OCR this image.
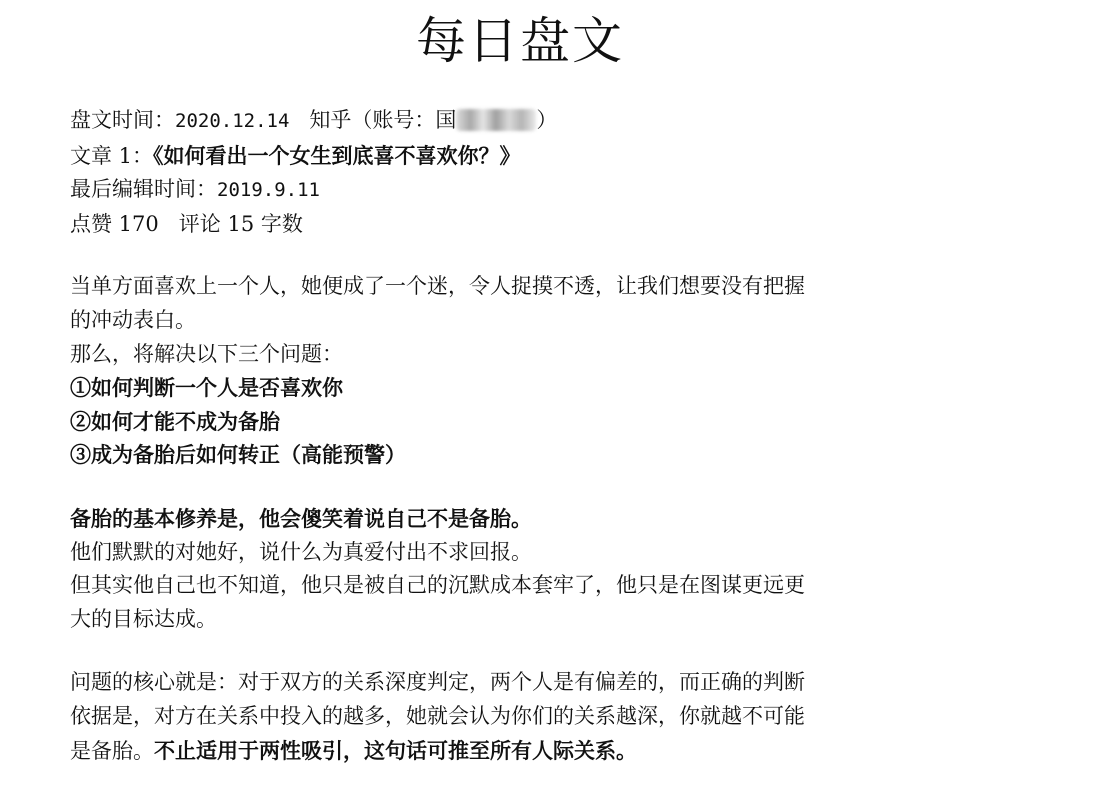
每日盘文
盘文时间：2020.12.14 知乎（账号：国	）
文章 1：《如何看出一个女生到底喜不喜欢你？》
最后编辑时间：2019.9.11
点赞 170 评论 15 字数
当单方面喜欢上一个人，她便成了一个迷，令人捉摸不透，让我们想要没有把握
的冲动表白。
那么，将解决以下三个问题：
①如何判断一个人是否喜欢你
②如何才能不成为备胎
③成为备胎后如何转正（高能预警）
备胎的基本修养是，他会傻笑着说自己不是备胎。
他们默默的对她好，说什么为真爱付出不求回报。
但其实他自己也不知道，他只是被自己的沉默成本套牢了，他只是在图谋更远更
大的目标达成。
问题的核心就是：对于双方的关系深度判定，两个人是有偏差的，而正确的判断
依据是，对方在关系中投入的越多，她就会认为你们的关系越深，你就越不可能
是备胎。不止适用于两性吸引，这句话可推至所有人际关系。
